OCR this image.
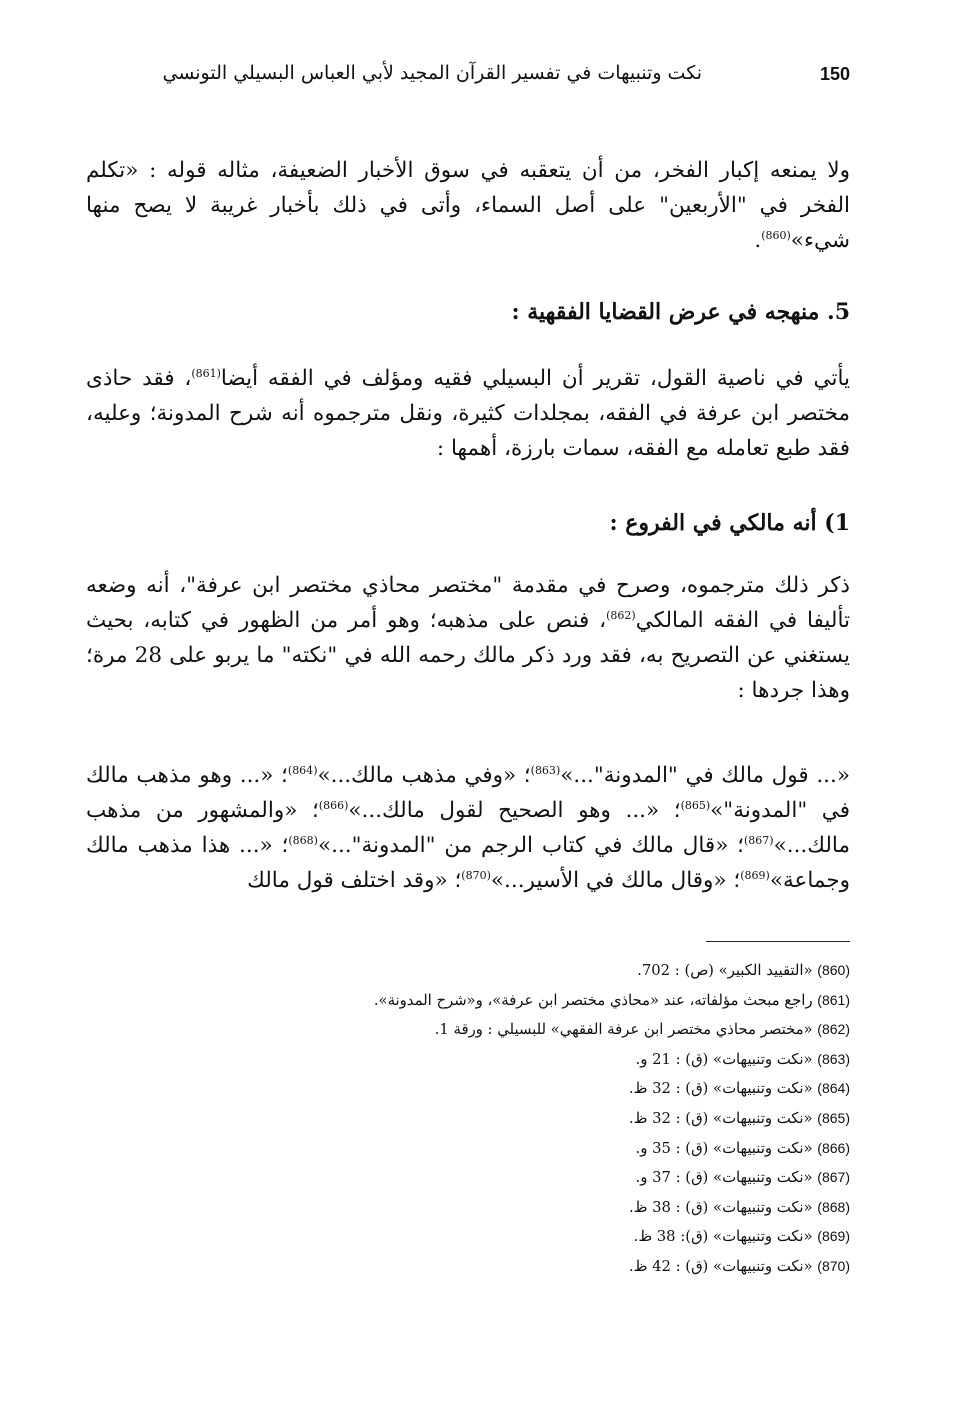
150
نكت وتنبيهات في تفسير القرآن المجيد لأبي العباس البسيلي التونسي

ولا يمنعه إكبار الفخر، من أن يتعقبه في سوق الأخبار الضعيفة، مثاله قوله : «تكلم الفخر في "الأربعين" على أصل السماء، وأتى في ذلك بأخبار غريبة لا يصح منها شيء»$^{(860)}$.

5. منهجه في عرض القضايا الفقهية :

يأتي في ناصية القول، تقرير أن البسيلي فقيه ومؤلف في الفقه أيضا$^{(861)}$، فقد حاذى مختصر ابن عرفة في الفقه، بمجلدات كثيرة، ونقل مترجموه أنه شرح المدونة؛ وعليه، فقد طبع تعامله مع الفقه، سمات بارزة، أهمها :

1) أنه مالكي في الفروع :

ذكر ذلك مترجموه، وصرح في مقدمة "مختصر محاذي مختصر ابن عرفة"، أنه وضعه تأليفا في الفقه المالكي$^{(862)}$، فنص على مذهبه؛ وهو أمر من الظهور في كتابه، بحيث يستغني عن التصريح به، فقد ورد ذكر مالك رحمه الله في "نكته" ما يربو على 28 مرة؛ وهذا جردها :

«... قول مالك في "المدونة"...»$^{(863)}$؛ «وفي مذهب مالك...»$^{(864)}$؛ «... وهو مذهب مالك في "المدونة"»$^{(865)}$؛ «... وهو الصحيح لقول مالك...»$^{(866)}$؛ «والمشهور من مذهب مالك...»$^{(867)}$؛ «قال مالك في كتاب الرجم من "المدونة"...»$^{(868)}$؛ «... هذا مذهب مالك وجماعة»$^{(869)}$؛ «وقال مالك في الأسير...»$^{(870)}$؛ «وقد اختلف قول مالك

(860) «التقييد الكبير» (ص) : 702.
(861) راجع مبحث مؤلفاته، عند «محاذي مختصر ابن عرفة»، و«شرح المدونة».
(862) «مختصر محاذي مختصر ابن عرفة الفقهي» للبسيلي : ورقة 1.
(863) «نكت وتنبيهات» (ق) : 21 و.
(864) «نكت وتنبيهات» (ق) : 32 ظ.
(865) «نكت وتنبيهات» (ق) : 32 ظ.
(866) «نكت وتنبيهات» (ق) : 35 و.
(867) «نكت وتنبيهات» (ق) : 37 و.
(868) «نكت وتنبيهات» (ق) : 38 ظ.
(869) «نكت وتنبيهات» (ق): 38 ظ.
(870) «نكت وتنبيهات» (ق) : 42 ظ.
